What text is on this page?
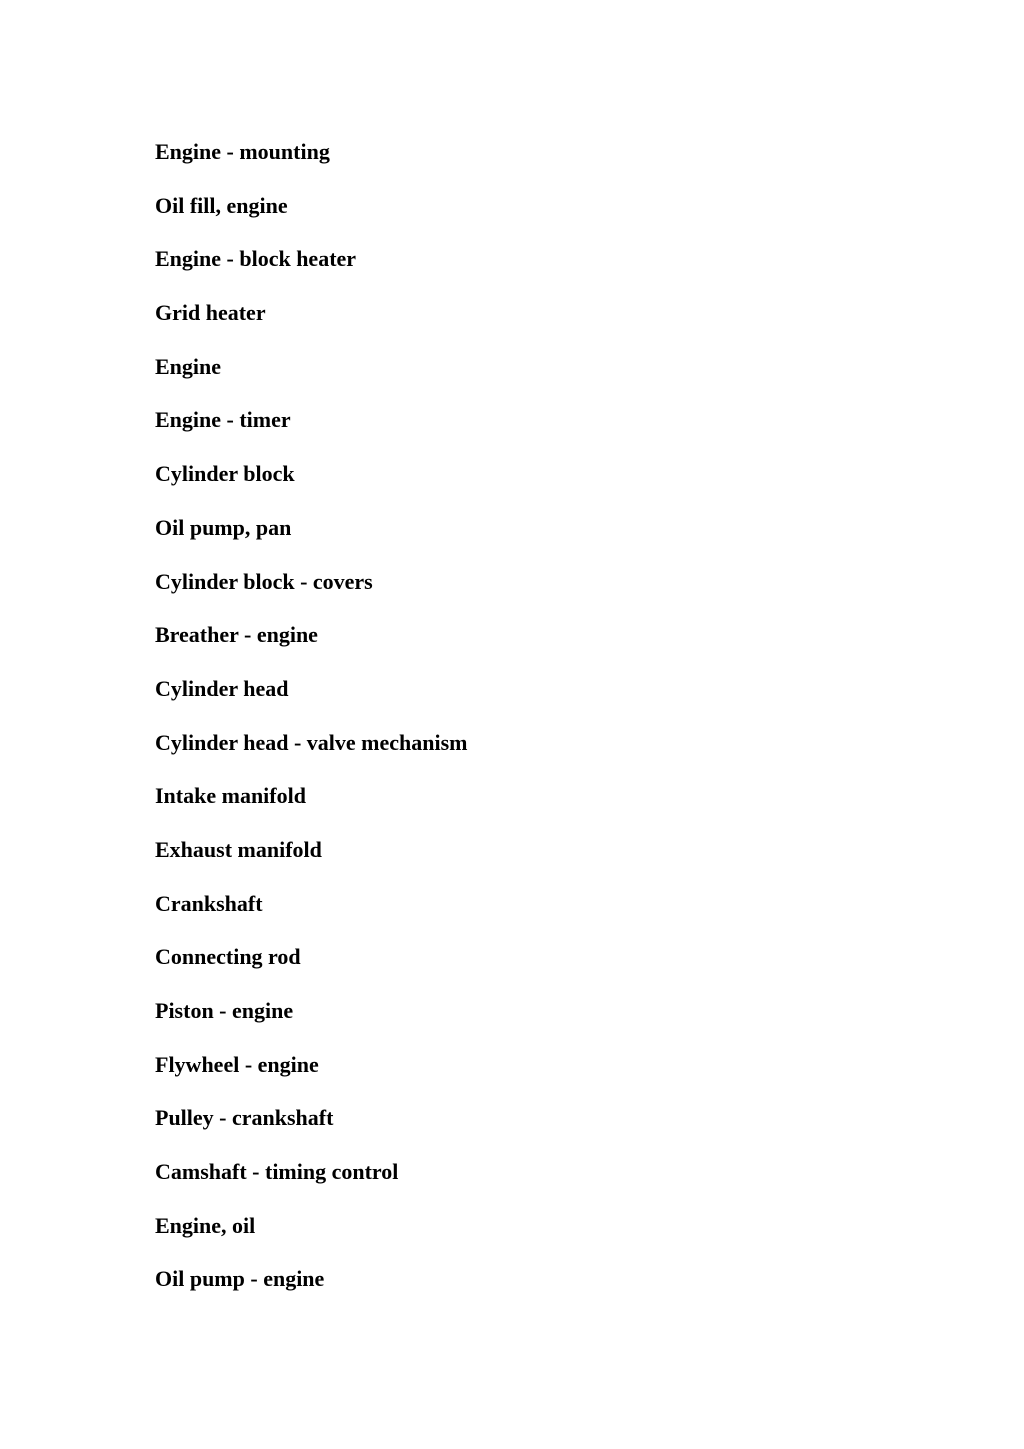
Engine - mounting
Oil fill, engine
Engine - block heater
Grid heater
Engine
Engine - timer
Cylinder block
Oil pump, pan
Cylinder block - covers
Breather - engine
Cylinder head
Cylinder head - valve mechanism
Intake manifold
Exhaust manifold
Crankshaft
Connecting rod
Piston - engine
Flywheel - engine
Pulley - crankshaft
Camshaft - timing control
Engine, oil
Oil pump - engine
